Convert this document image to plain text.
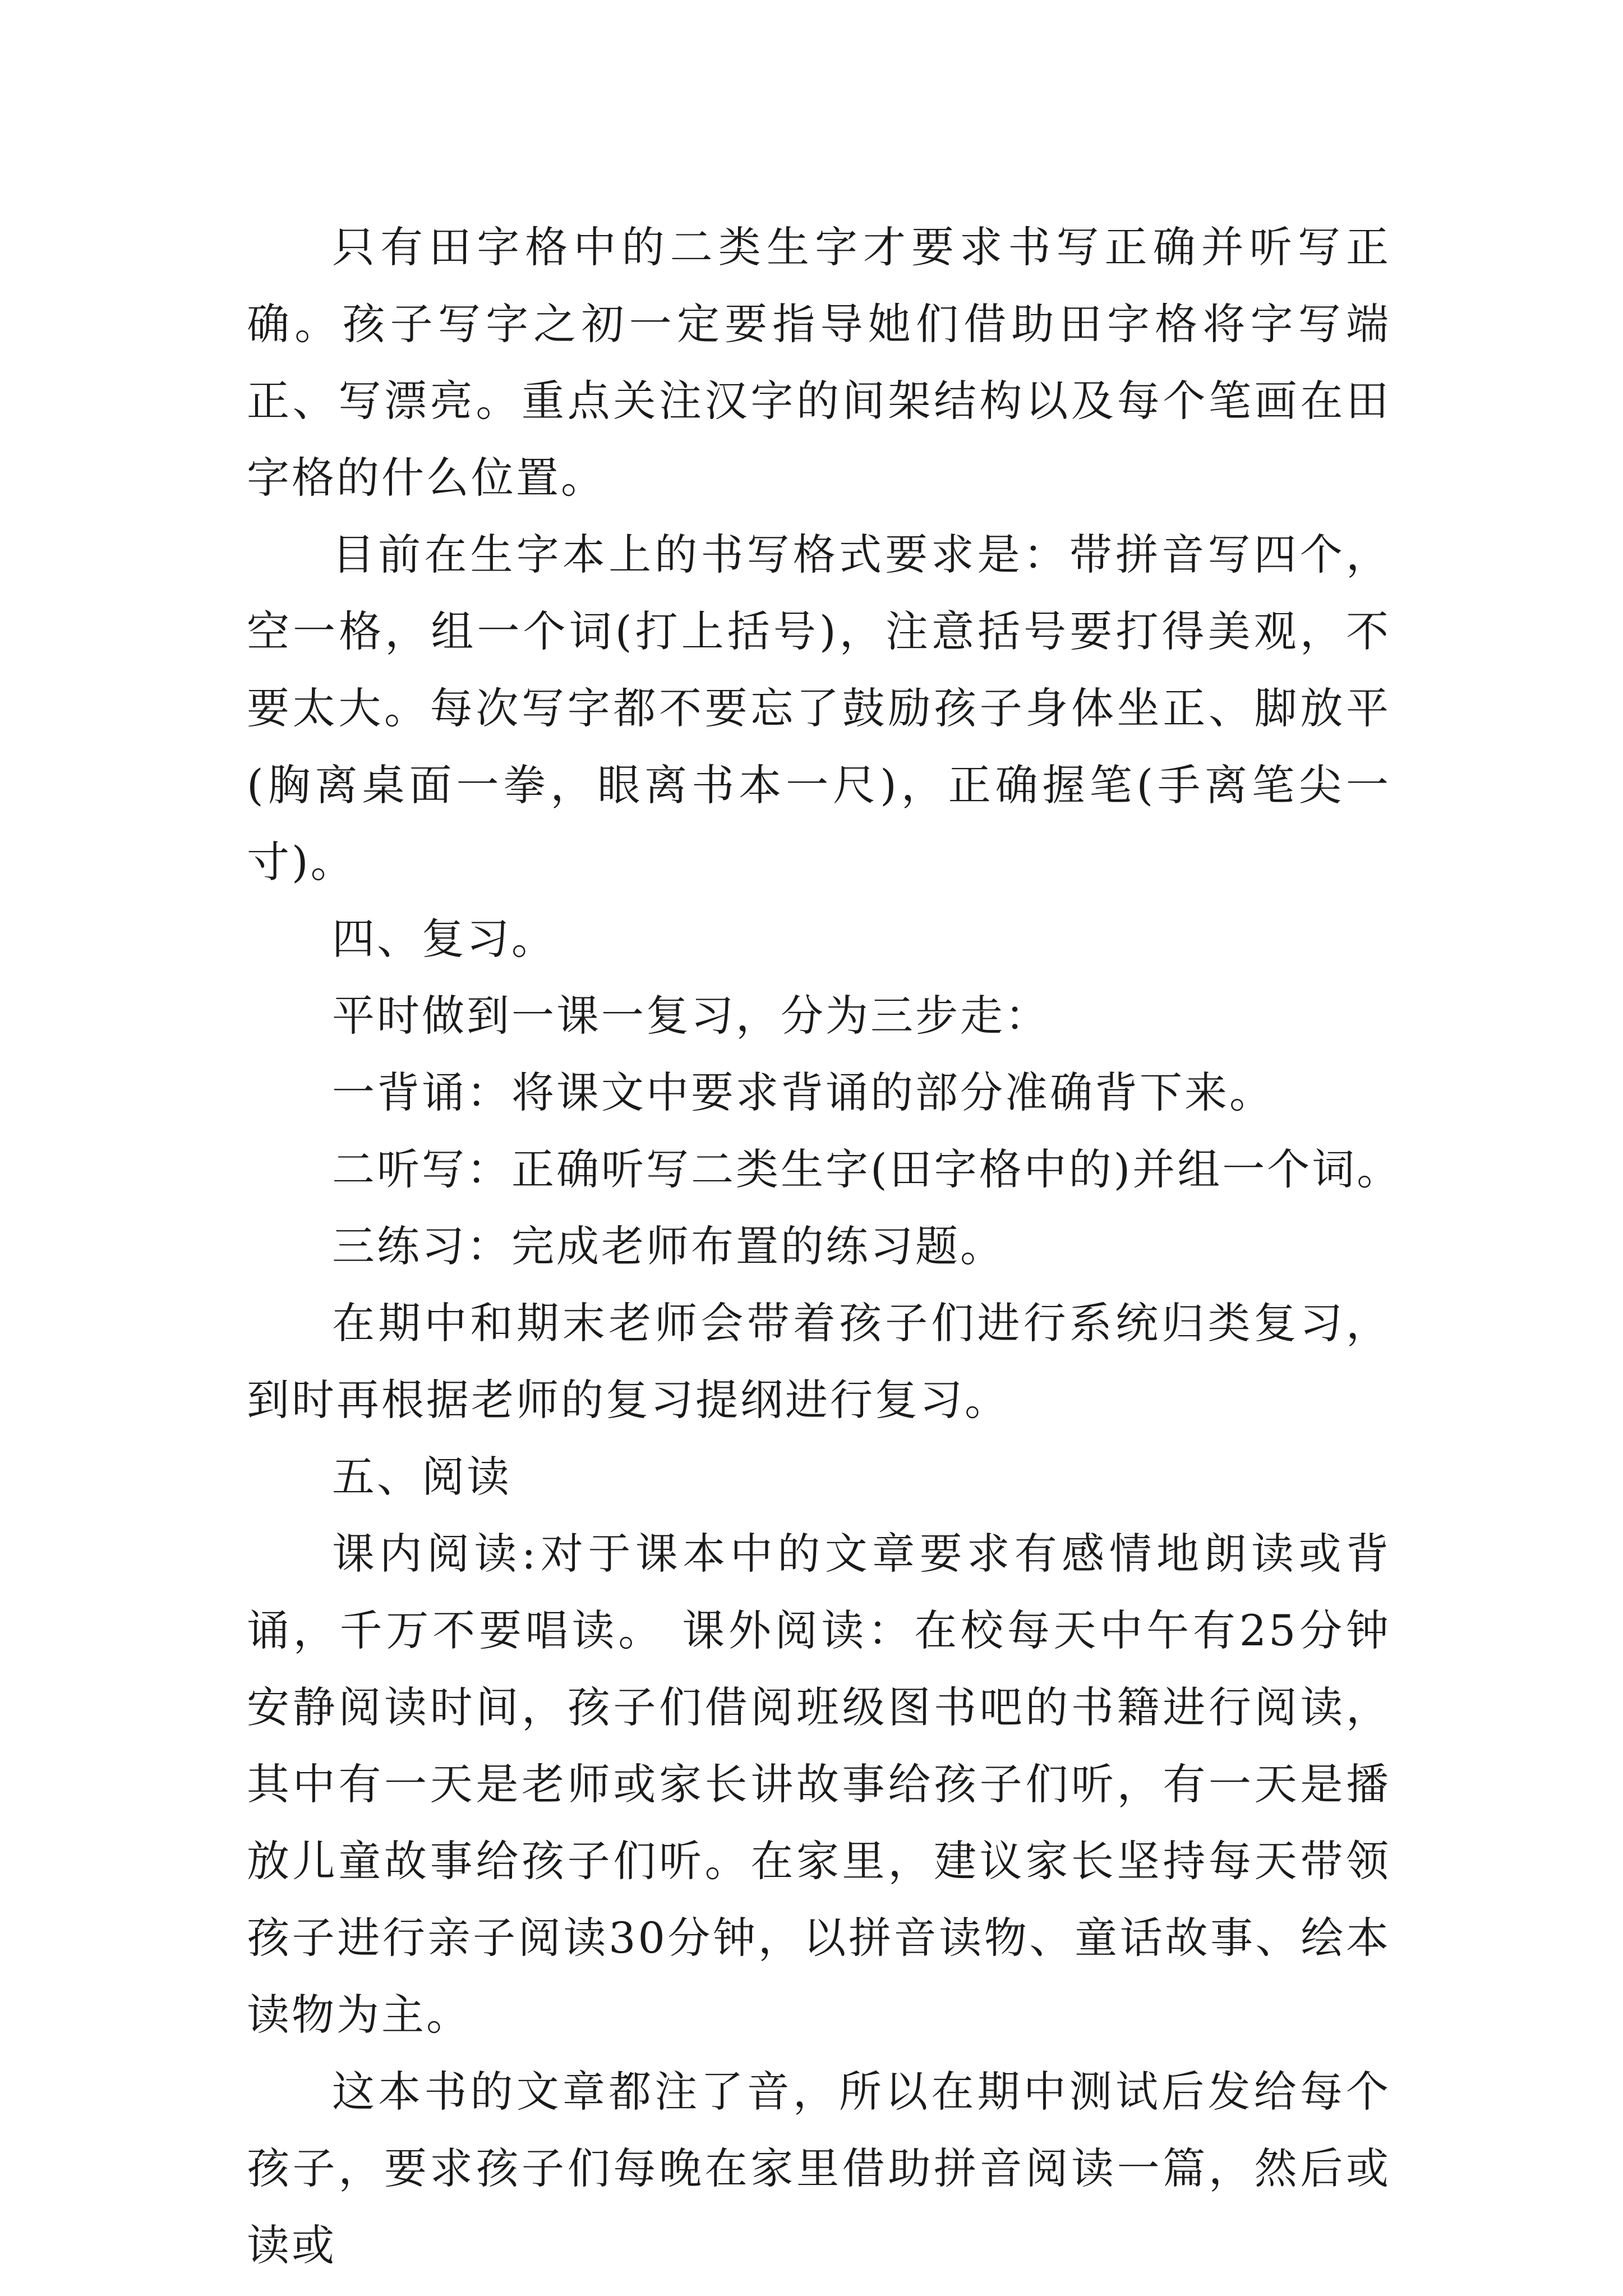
只有田字格中的二类生字才要求书写正确并听写正确。孩子写字之初一定要指导她们借助田字格将字写端正、写漂亮。重点关注汉字的间架结构以及每个笔画在田字格的什么位置。

目前在生字本上的书写格式要求是：带拼音写四个，空一格，组一个词(打上括号)，注意括号要打得美观，不要太大。每次写字都不要忘了鼓励孩子身体坐正、脚放平(胸离桌面一拳，眼离书本一尺)，正确握笔(手离笔尖一寸)。

四、复习。

平时做到一课一复习，分为三步走：

一背诵：将课文中要求背诵的部分准确背下来。

二听写：正确听写二类生字(田字格中的)并组一个词。

三练习：完成老师布置的练习题。

在期中和期末老师会带着孩子们进行系统归类复习，到时再根据老师的复习提纲进行复习。

五、阅读

课内阅读:对于课本中的文章要求有感情地朗读或背诵，千万不要唱读。 课外阅读：在校每天中午有25分钟安静阅读时间，孩子们借阅班级图书吧的书籍进行阅读，其中有一天是老师或家长讲故事给孩子们听，有一天是播放儿童故事给孩子们听。在家里，建议家长坚持每天带领孩子进行亲子阅读30分钟，以拼音读物、童话故事、绘本读物为主。

这本书的文章都注了音，所以在期中测试后发给每个孩子，要求孩子们每晚在家里借助拼音阅读一篇，然后或读或
